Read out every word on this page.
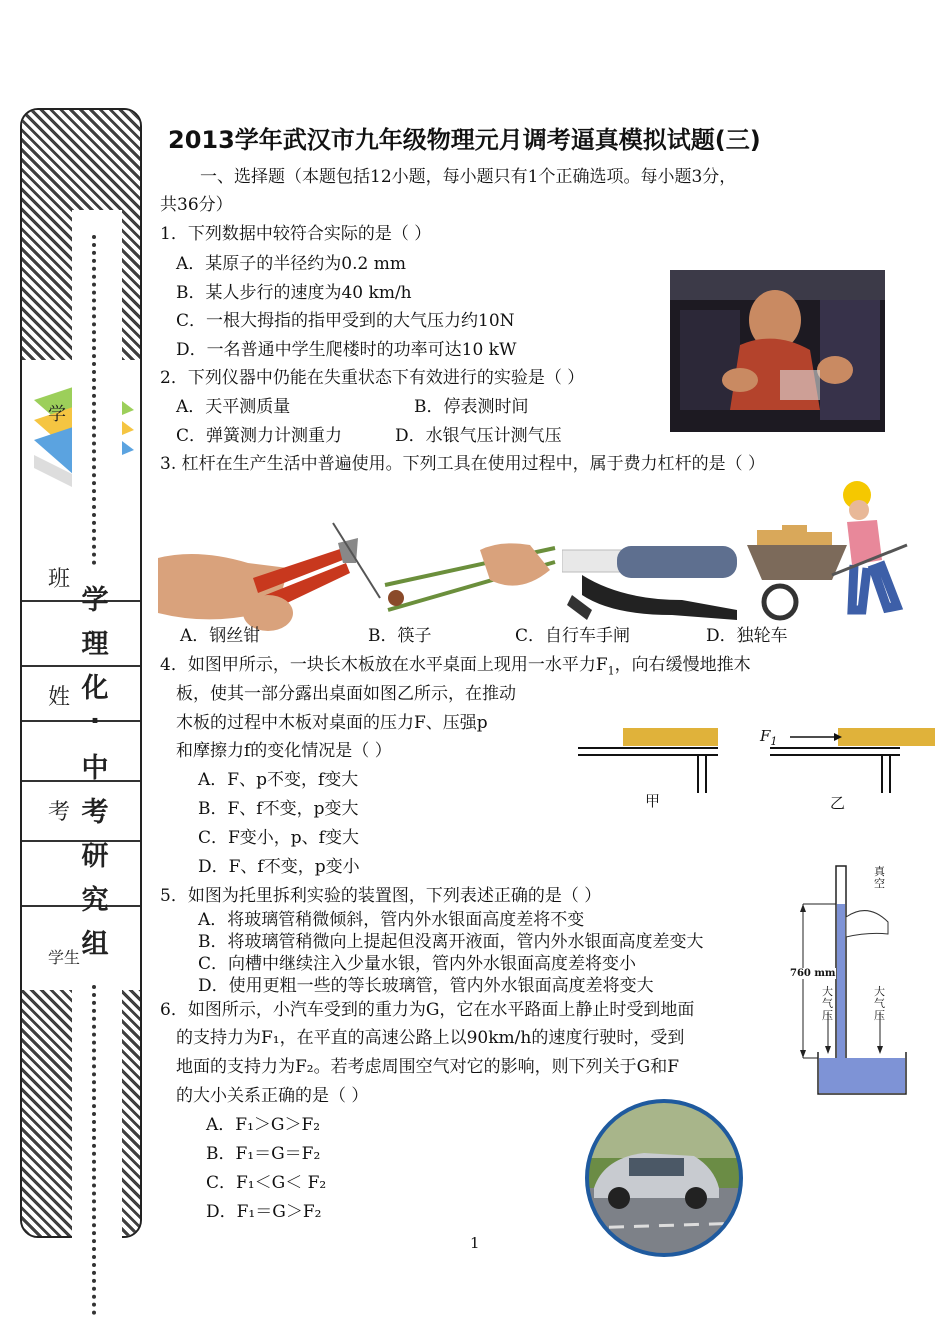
学
班
姓
考
学生
学
理
化
·
中
考
研
究
组
2013学年武汉市九年级物理元月调考逼真模拟试题(三)
一、选择题（本题包括12小题，每小题只有1个正确选项。每小题3分，
共36分）
1．下列数据中较符合实际的是（ ）
A．某原子的半径约为0.2 mm
B．某人步行的速度为40 km/h
C．一根大拇指的指甲受到的大气压力约10N
D．一名普通中学生爬楼时的功率可达10 kW
2．下列仪器中仍能在失重状态下有效进行的实验是（ ）
A．天平测质量	B．停表测时间
C．弹簧测力计测重力	D．水银气压计测气压
3. 杠杆在生产生活中普遍使用。下列工具在使用过程中，属于费力杠杆的是（ ）
A．钢丝钳	B．筷子	C．自行车手闸	D．独轮车
4．如图甲所示，一块长木板放在水平桌面上现用一水平力$F_1$，向右缓慢地推木
板，使其一部分露出桌面如图乙所示，在推动
木板的过程中木板对桌面的压力F、压强p
和摩擦力f的变化情况是（ ）
A．F、p不变，f变大
B．F、f不变，p变大
C．F变小，p、f变大
D．F、f不变，p变小
甲
$F_1$
乙
5．如图为托里拆利实验的装置图，下列表述正确的是（ ）
A．将玻璃管稍微倾斜，管内外水银面高度差将不变
B．将玻璃管稍微向上提起但没离开液面，管内外水银面高度差变大
C．向槽中继续注入少量水银，管内外水银面高度差将变小
D．使用更粗一些的等长玻璃管，管内外水银面高度差将变大
真空
760 mm
大气压
大气压
6．如图所示，小汽车受到的重力为G，它在水平路面上静止时受到地面
的支持力为F₁，在平直的高速公路上以90km/h的速度行驶时，受到
地面的支持力为F₂。若考虑周围空气对它的影响，则下列关于G和F
的大小关系正确的是（ ）
A．F₁＞G＞F₂
B．F₁＝G＝F₂
C．F₁＜G＜ F₂
D．F₁＝G＞F₂
1
